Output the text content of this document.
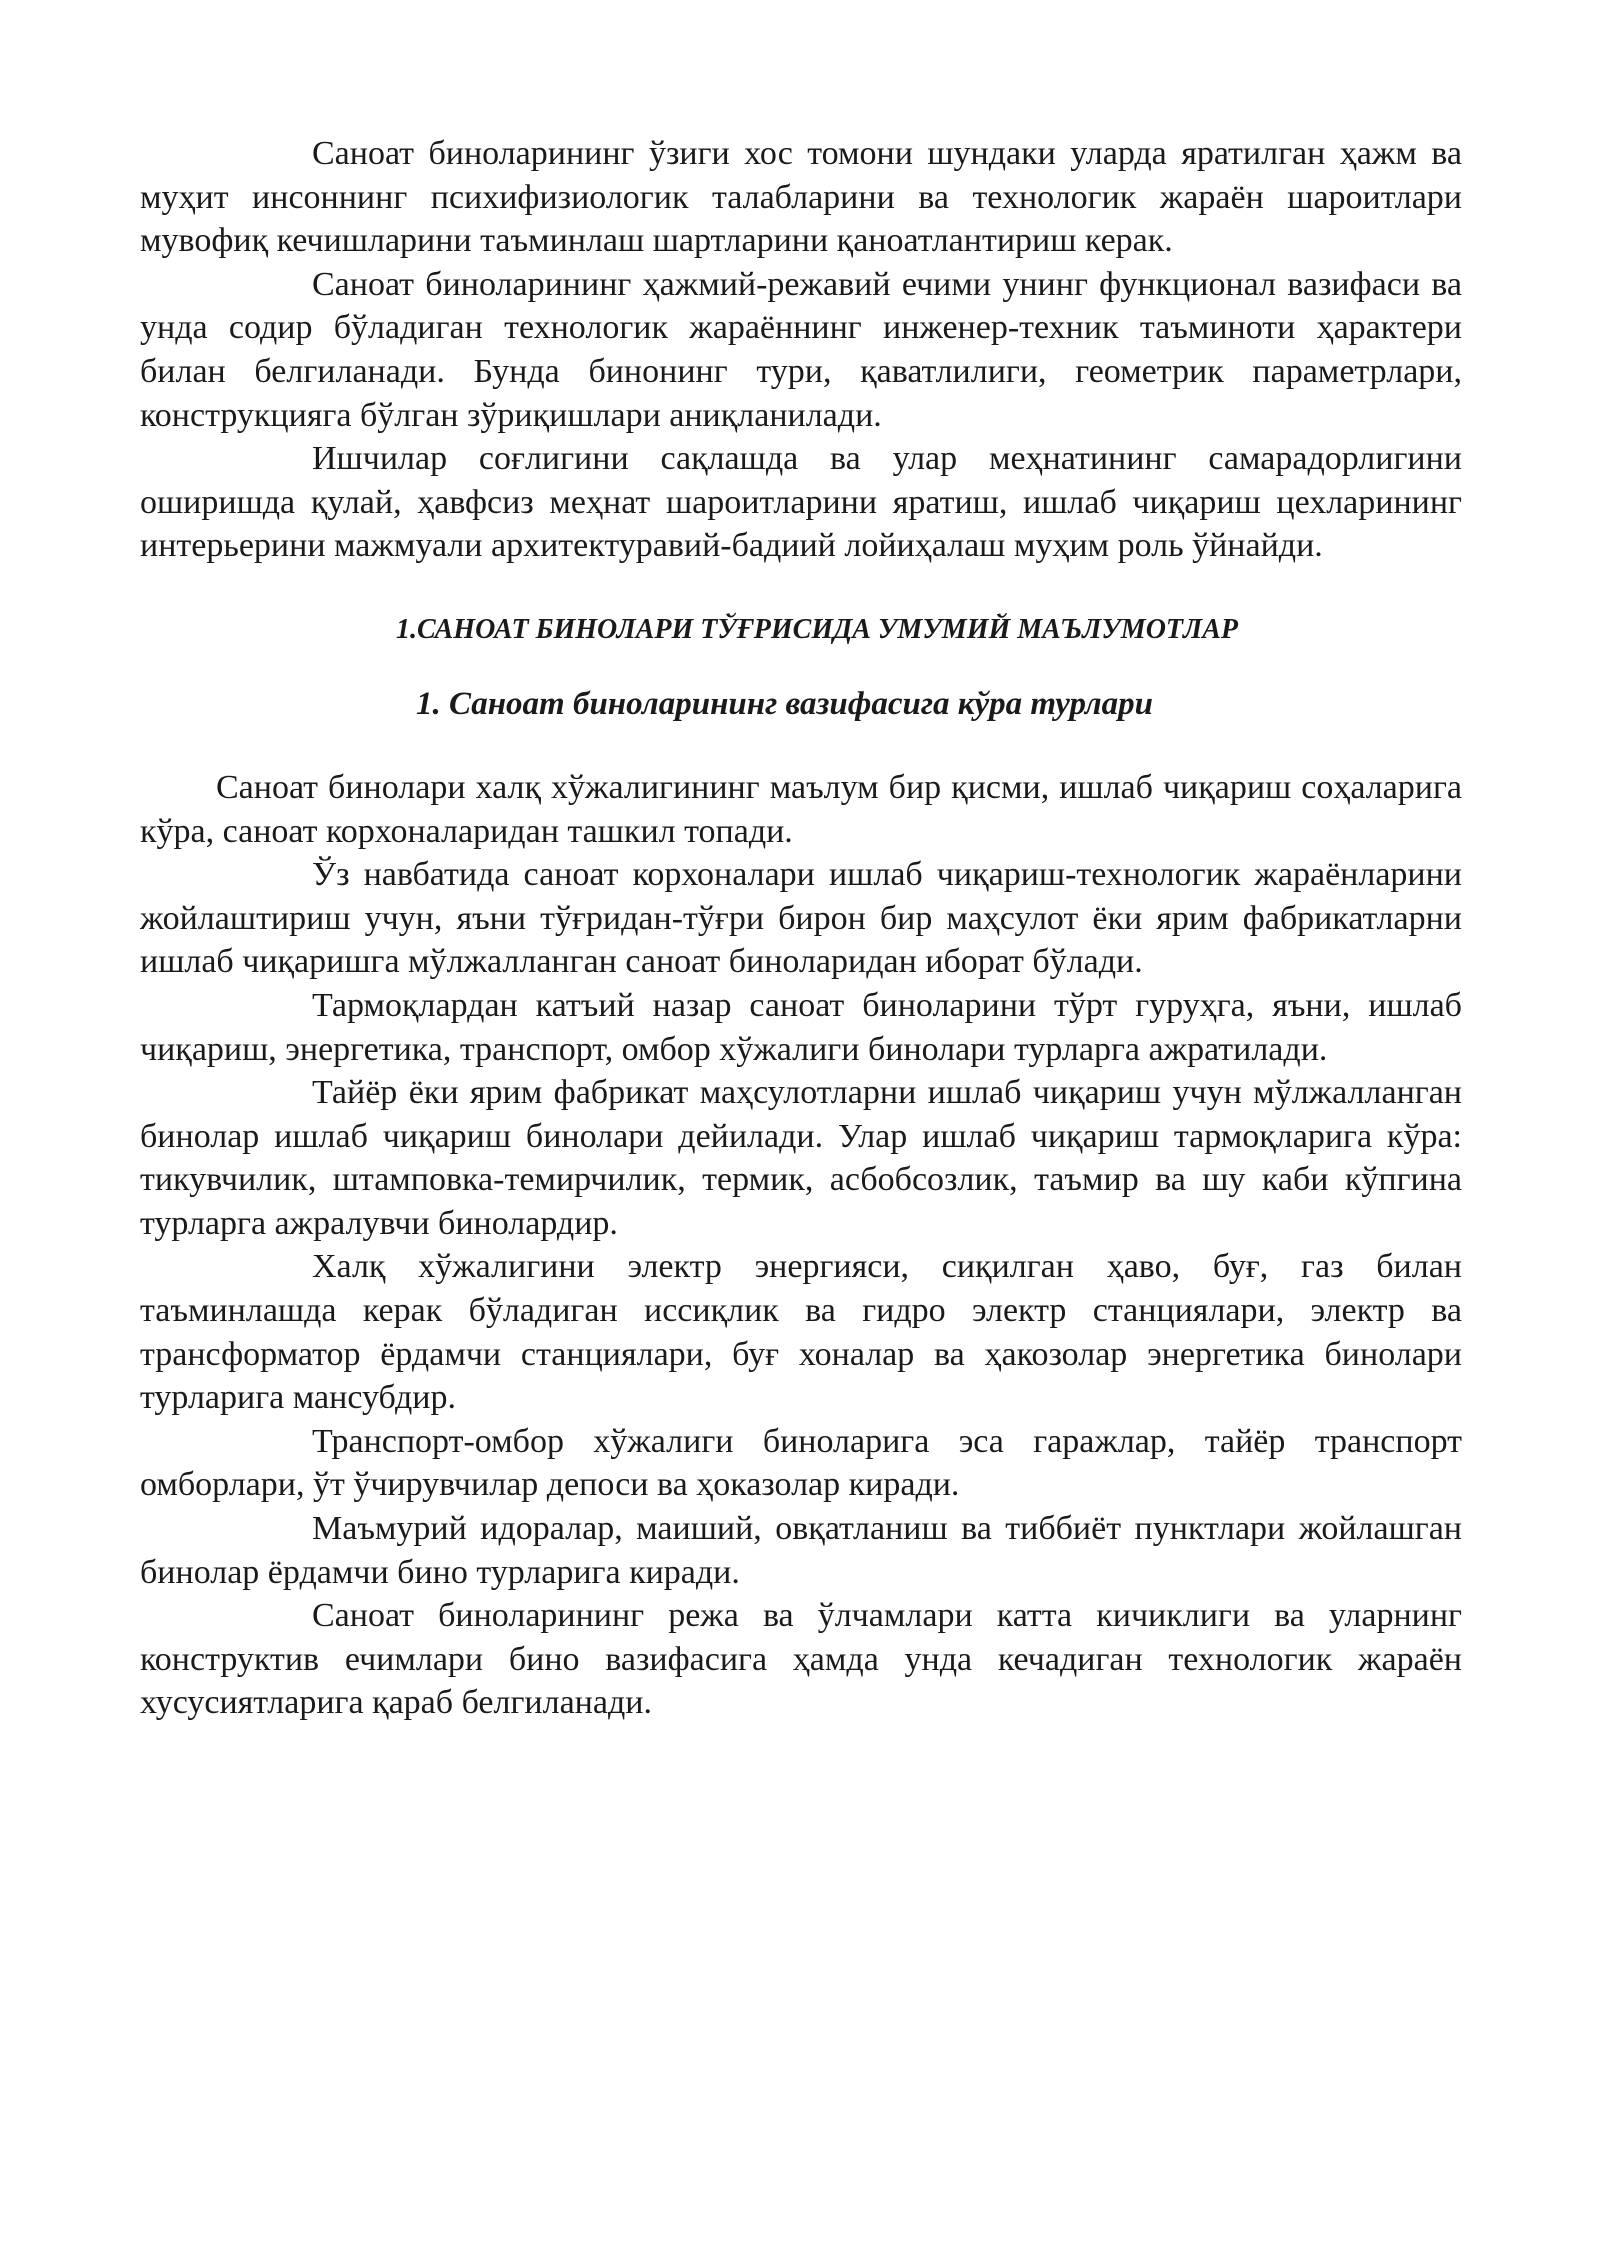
Саноат биноларининг ўзиги хос томони шундаки уларда яратилган ҳажм ва муҳит инсоннинг психифизиологик талабларини ва технологик жараён шароитлари мувофиқ кечишларини таъминлаш шартларини қаноатлантириш керак.

Саноат биноларининг ҳажмий-режавий ечими унинг функционал вазифаси ва унда содир бўладиган технологик жараённинг инженер-техник таъминоти ҳарактери билан белгиланади. Бунда бинонинг тури, қаватлилиги, геометрик параметрлари, конструкцияга бўлган зўриқишлари аниқланилади.

Ишчилар соғлигини сақлашда ва улар меҳнатининг самарадорлигини оширишда қулай, ҳавфсиз меҳнат шароитларини яратиш, ишлаб чиқариш цехларининг интерьерини мажмуали архитектуравий-бадиий лойиҳалаш муҳим роль ўйнайди.

1.САНОАТ БИНОЛАРИ ТЎҒРИСИДА УМУМИЙ МАЪЛУМОТЛАР

1. Саноат биноларининг вазифасига кўра турлари

Саноат бинолари халқ хўжалигининг маълум бир қисми, ишлаб чиқариш соҳаларига кўра, саноат корхоналаридан ташкил топади.

Ўз навбатида саноат корхоналари ишлаб чиқариш-технологик жараёнларини жойлаштириш учун, яъни тўғридан-тўғри бирон бир маҳсулот ёки ярим фабрикатларни ишлаб чиқаришга мўлжалланган саноат биноларидан иборат бўлади.

Тармоқлардан катъий назар саноат биноларини тўрт гуруҳга, яъни, ишлаб чиқариш, энергетика, транспорт, омбор хўжалиги бинолари турларга ажратилади.

Тайёр ёки ярим фабрикат маҳсулотларни ишлаб чиқариш учун мўлжалланган бинолар ишлаб чиқариш бинолари дейилади. Улар ишлаб чиқариш тармоқларига кўра: тикувчилик, штамповка-темирчилик, термик, асбобсозлик, таъмир ва шу каби кўпгина турларга ажралувчи бинолардир.

Халқ хўжалигини электр энергияси, сиқилган ҳаво, буғ, газ билан таъминлашда керак бўладиган иссиқлик ва гидро электр станциялари, электр ва трансформатор ёрдамчи станциялари, буғ хоналар ва ҳакозолар энергетика бинолари турларига мансубдир.

Транспорт-омбор хўжалиги биноларига эса гаражлар, тайёр транспорт омборлари, ўт ўчирувчилар депоси ва ҳоказолар киради.

Маъмурий идоралар, маиший, овқатланиш ва тиббиёт пунктлари жойлашган бинолар ёрдамчи бино турларига киради.

Саноат биноларининг режа ва ўлчамлари катта кичиклиги ва уларнинг конструктив ечимлари бино вазифасига ҳамда унда кечадиган технологик жараён хусусиятларига қараб белгиланади.
